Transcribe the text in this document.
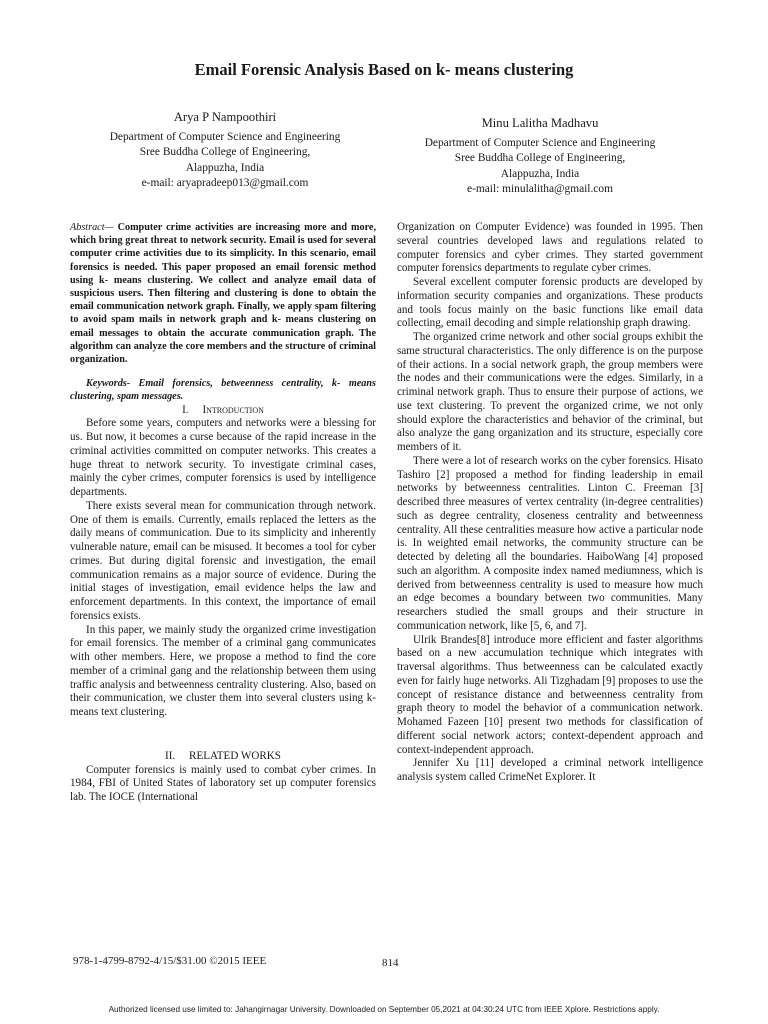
Email Forensic Analysis Based on k- means clustering
Arya P Nampoothiri
Department of Computer Science and Engineering
Sree Buddha College of Engineering,
Alappuzha, India
e-mail: aryapradeep013@gmail.com
Minu Lalitha Madhavu
Department of Computer Science and Engineering
Sree Buddha College of Engineering,
Alappuzha, India
e-mail: minulalitha@gmail.com

Abstract— Computer crime activities are increasing more and more, which bring great threat to network security. Email is used for several computer crime activities due to its simplicity. In this scenario, email forensics is needed. This paper proposed an email forensic method using k- means clustering. We collect and analyze email data of suspicious users. Then filtering and clustering is done to obtain the email communication network graph. Finally, we apply spam filtering to avoid spam mails in network graph and k- means clustering on email messages to obtain the accurate communication graph. The algorithm can analyze the core members and the structure of criminal organization.

Keywords- Email forensics, betweenness centrality, k- means clustering, spam messages.

I. Introduction

Before some years, computers and networks were a blessing for us. But now, it becomes a curse because of the rapid increase in the criminal activities committed on computer networks. This creates a huge threat to network security. To investigate criminal cases, mainly the cyber crimes, computer forensics is used by intelligence departments.

There exists several mean for communication through network. One of them is emails. Currently, emails replaced the letters as the daily means of communication. Due to its simplicity and inherently vulnerable nature, email can be misused. It becomes a tool for cyber crimes. But during digital forensic and investigation, the email communication remains as a major source of evidence. During the initial stages of investigation, email evidence helps the law and enforcement departments. In this context, the importance of email forensics exists.

In this paper, we mainly study the organized crime investigation for email forensics. The member of a criminal gang communicates with other members. Here, we propose a method to find the core member of a criminal gang and the relationship between them using traffic analysis and betweenness centrality clustering. Also, based on their communication, we cluster them into several clusters using k-means text clustering.

II. RELATED WORKS

Computer forensics is mainly used to combat cyber crimes. In 1984, FBI of United States of laboratory set up computer forensics lab. The IOCE (International

Organization on Computer Evidence) was founded in 1995. Then several countries developed laws and regulations related to computer forensics and cyber crimes. They started government computer forensics departments to regulate cyber crimes.

Several excellent computer forensic products are developed by information security companies and organizations. These products and tools focus mainly on the basic functions like email data collecting, email decoding and simple relationship graph drawing.

The organized crime network and other social groups exhibit the same structural characteristics. The only difference is on the purpose of their actions. In a social network graph, the group members were the nodes and their communications were the edges. Similarly, in a criminal network graph. Thus to ensure their purpose of actions, we use text clustering. To prevent the organized crime, we not only should explore the characteristics and behavior of the criminal, but also analyze the gang organization and its structure, especially core members of it.

There were a lot of research works on the cyber forensics. Hisato Tashiro [2] proposed a method for finding leadership in email networks by betweenness centralities. Linton C. Freeman [3] described three measures of vertex centrality (in-degree centralities) such as degree centrality, closeness centrality and betweenness centrality. All these centralities measure how active a particular node is. In weighted email networks, the community structure can be detected by deleting all the boundaries. HaiboWang [4] proposed such an algorithm. A composite index named mediumness, which is derived from betweenness centrality is used to measure how much an edge becomes a boundary between two communities. Many researchers studied the small groups and their structure in communication network, like [5, 6, and 7].

Ulrik Brandes[8] introduce more efficient and faster algorithms based on a new accumulation technique which integrates with traversal algorithms. Thus betweenness can be calculated exactly even for fairly huge networks. Ali Tizghadam [9] proposes to use the concept of resistance distance and betweenness centrality from graph theory to model the behavior of a communication network. Mohamed Fazeen [10] present two methods for classification of different social network actors; context-dependent approach and context-independent approach.

Jennifer Xu [11] developed a criminal network intelligence analysis system called CrimeNet Explorer. It

978-1-4799-8792-4/15/$31.00 ©2015 IEEE	814
Authorized licensed use limited to: Jahangirnagar University. Downloaded on September 05,2021 at 04:30:24 UTC from IEEE Xplore. Restrictions apply.
